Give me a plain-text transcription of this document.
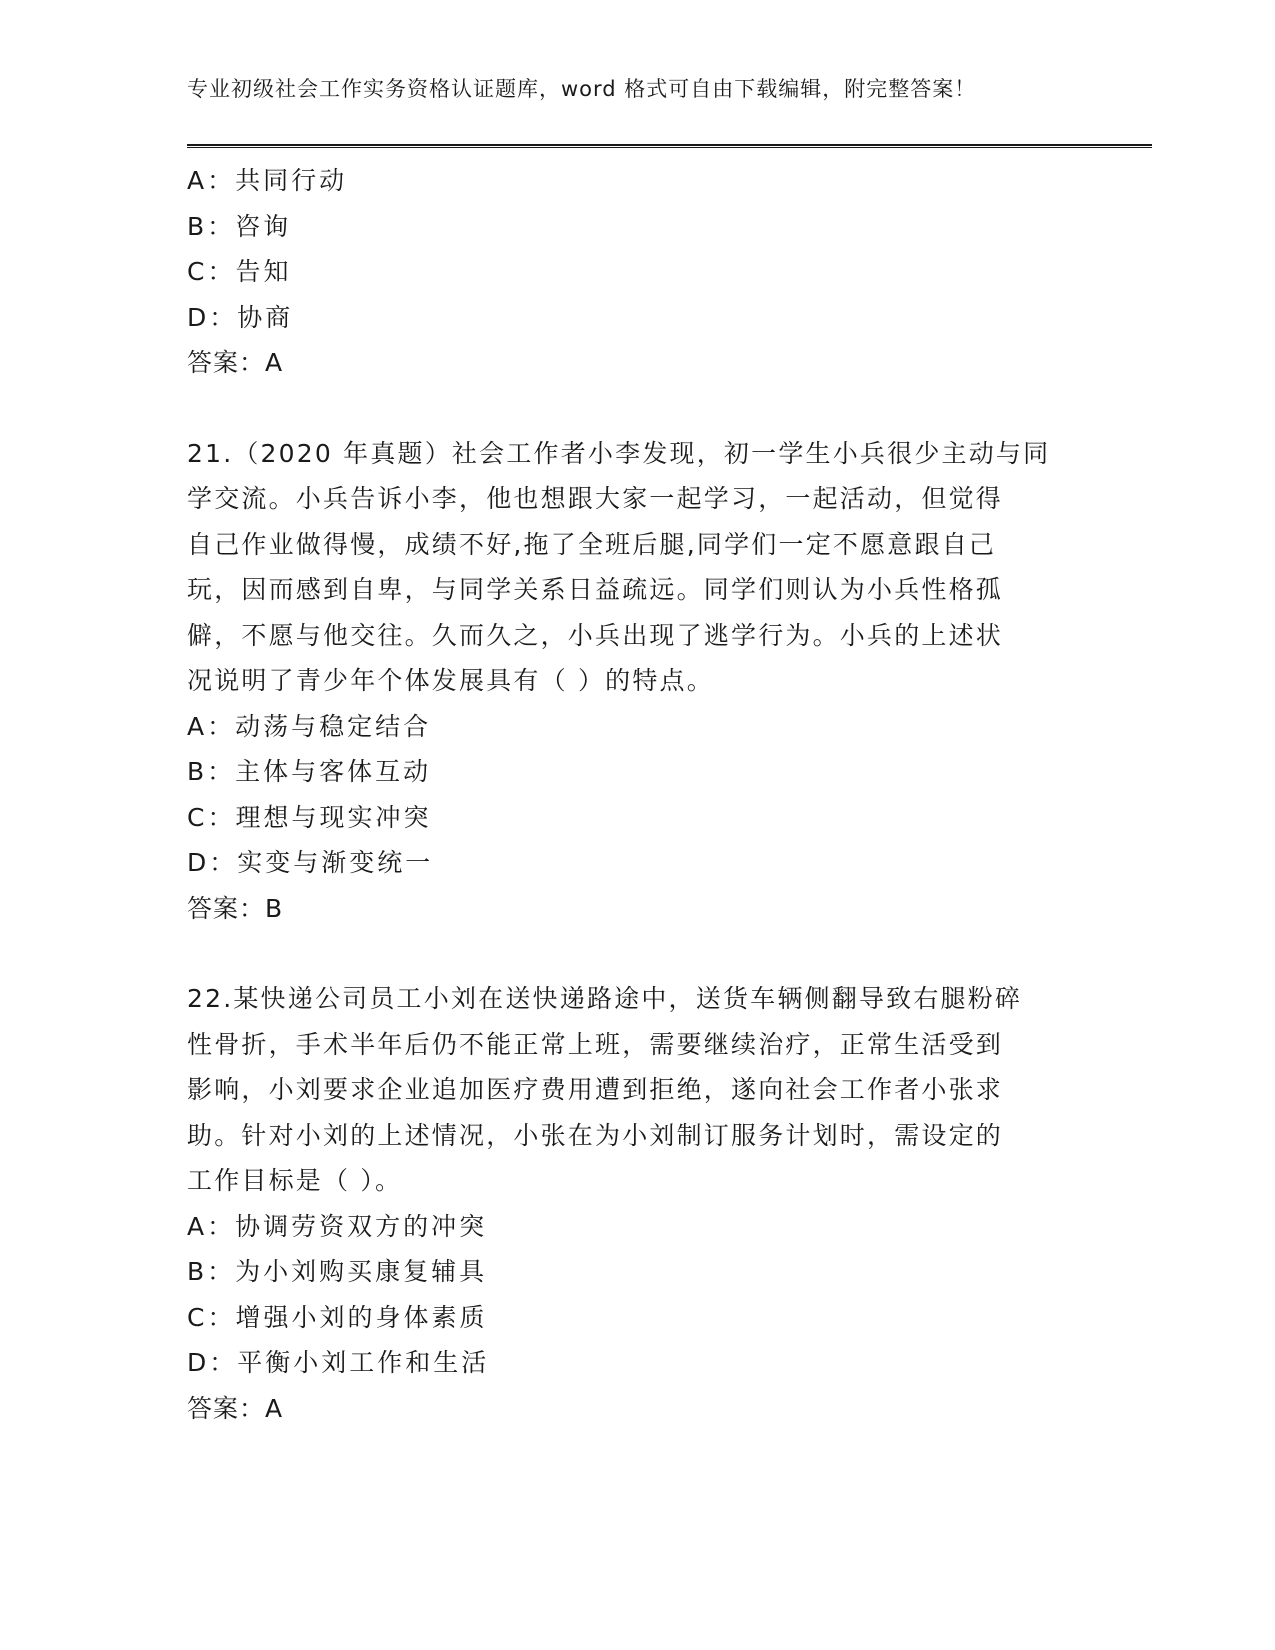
专业初级社会工作实务资格认证题库，word 格式可自由下载编辑，附完整答案！
A：共同行动
B：咨询
C：告知
D：协商
答案：A
21.（2020 年真题）社会工作者小李发现，初一学生小兵很少主动与同
学交流。小兵告诉小李，他也想跟大家一起学习，一起活动，但觉得
自己作业做得慢，成绩不好,拖了全班后腿,同学们一定不愿意跟自己
玩，因而感到自卑，与同学关系日益疏远。同学们则认为小兵性格孤
僻，不愿与他交往。久而久之，小兵出现了逃学行为。小兵的上述状
况说明了青少年个体发展具有（ ）的特点。
A：动荡与稳定结合
B：主体与客体互动
C：理想与现实冲突
D：实变与渐变统一
答案：B
22.某快递公司员工小刘在送快递路途中，送货车辆侧翻导致右腿粉碎
性骨折，手术半年后仍不能正常上班，需要继续治疗，正常生活受到
影响，小刘要求企业追加医疗费用遭到拒绝，遂向社会工作者小张求
助。针对小刘的上述情况，小张在为小刘制订服务计划时，需设定的
工作目标是（ ）。
A：协调劳资双方的冲突
B：为小刘购买康复辅具
C：增强小刘的身体素质
D：平衡小刘工作和生活
答案：A
